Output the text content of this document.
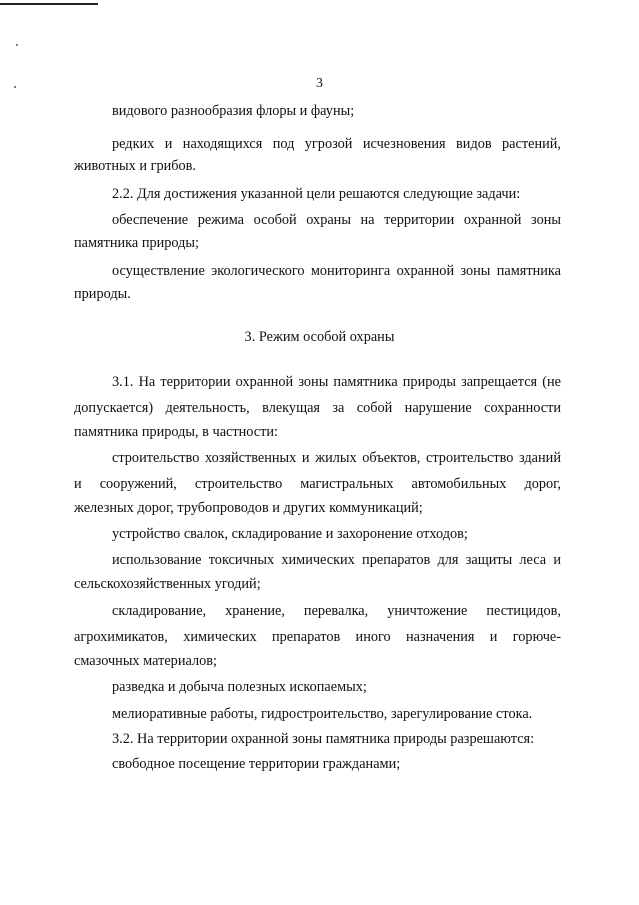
3
видового разнообразия флоры и фауны;
редких и находящихся под угрозой исчезновения видов растений,
животных и грибов.
2.2. Для достижения указанной цели решаются следующие задачи:
обеспечение режима особой охраны на территории охранной зоны
памятника природы;
осуществление экологического мониторинга охранной зоны памятника
природы.
3. Режим особой охраны
3.1. На территории охранной зоны памятника природы запрещается (не
допускается) деятельность, влекущая за собой нарушение сохранности
памятника природы, в частности:
строительство хозяйственных и жилых объектов, строительство зданий
и сооружений, строительство магистральных автомобильных дорог,
железных дорог, трубопроводов и других коммуникаций;
устройство свалок, складирование и захоронение отходов;
использование токсичных химических препаратов для защиты леса и
сельскохозяйственных угодий;
складирование, хранение, перевалка, уничтожение пестицидов,
агрохимикатов, химических препаратов иного назначения и горюче-
смазочных материалов;
разведка и добыча полезных ископаемых;
мелиоративные работы, гидростроительство, зарегулирование стока.
3.2. На территории охранной зоны памятника природы разрешаются:
свободное посещение территории гражданами;
